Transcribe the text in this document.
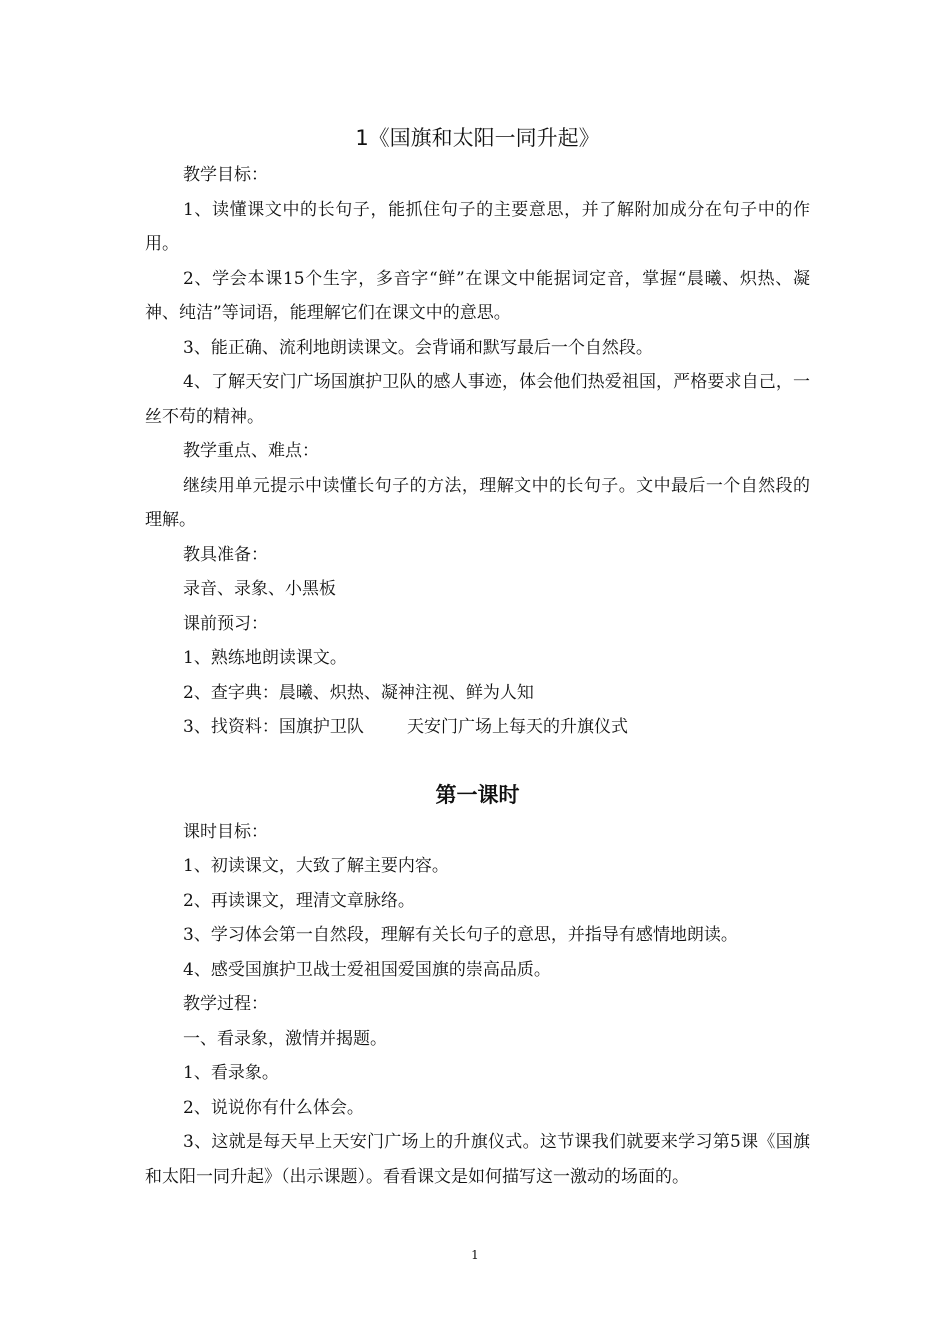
1《国旗和太阳一同升起》

教学目标：

1、读懂课文中的长句子，能抓住句子的主要意思，并了解附加成分在句子中的作用。

2、学会本课15个生字，多音字“鲜”在课文中能据词定音，掌握“晨曦、炽热、凝神、纯洁”等词语，能理解它们在课文中的意思。

3、能正确、流利地朗读课文。会背诵和默写最后一个自然段。

4、了解天安门广场国旗护卫队的感人事迹，体会他们热爱祖国，严格要求自己，一丝不苟的精神。

教学重点、难点：

继续用单元提示中读懂长句子的方法，理解文中的长句子。文中最后一个自然段的理解。

教具准备：

录音、录象、小黑板

课前预习：

1、熟练地朗读课文。

2、查字典：晨曦、炽热、凝神注视、鲜为人知

3、找资料：国旗护卫队        天安门广场上每天的升旗仪式

第一课时

课时目标：

1、初读课文，大致了解主要内容。

2、再读课文，理清文章脉络。

3、学习体会第一自然段，理解有关长句子的意思，并指导有感情地朗读。

4、感受国旗护卫战士爱祖国爱国旗的崇高品质。

教学过程：

一、看录象，激情并揭题。

1、看录象。

2、说说你有什么体会。

3、这就是每天早上天安门广场上的升旗仪式。这节课我们就要来学习第5课《国旗和太阳一同升起》（出示课题）。看看课文是如何描写这一激动的场面的。

1
